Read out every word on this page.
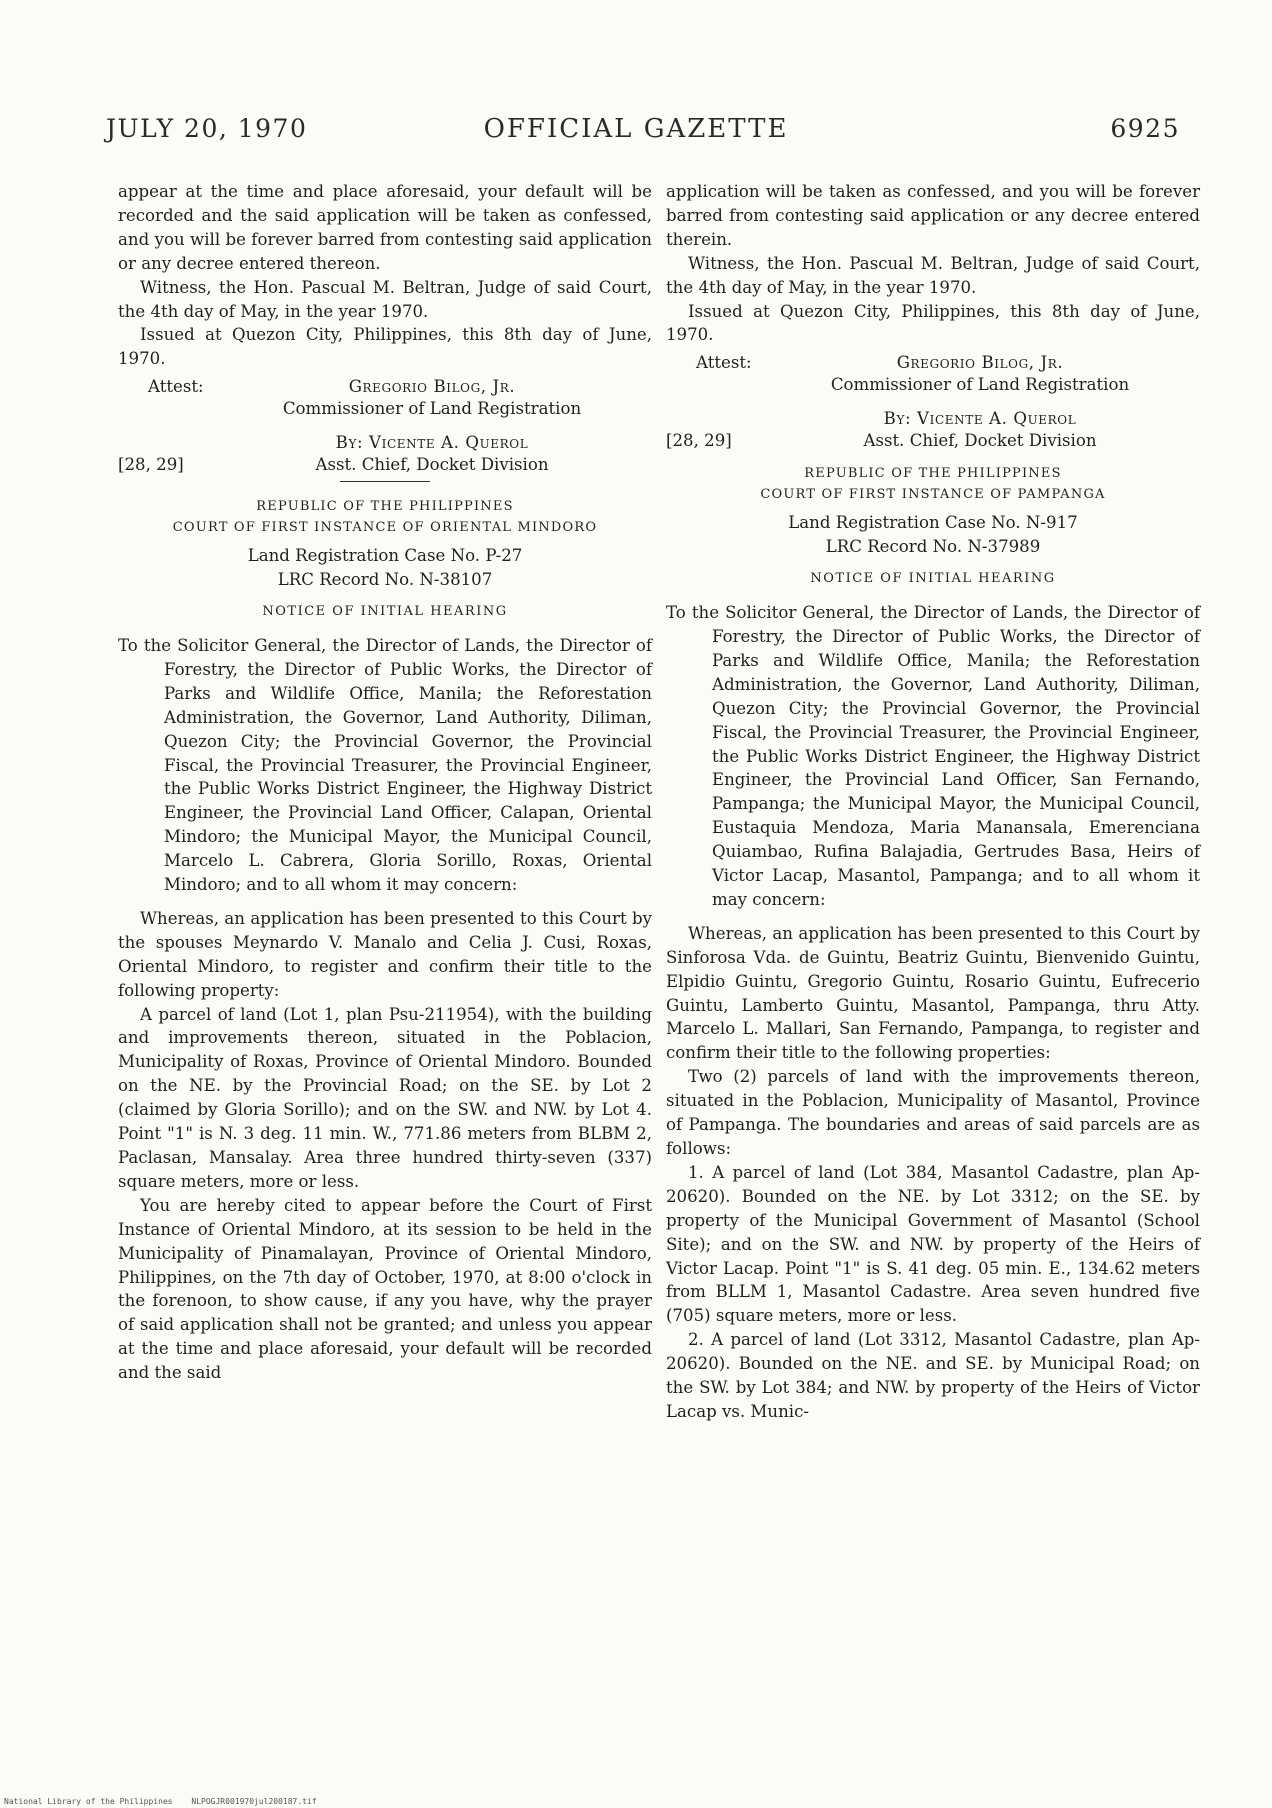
OFFICIAL GAZETTE
JULY 20, 1970	6925

appear at the time and place aforesaid, your default will be recorded and the said application will be taken as confessed, and you will be forever barred from contesting said application or any decree entered thereon.

Witness, the Hon. Pascual M. Beltran, Judge of said Court, the 4th day of May, in the year 1970.

Issued at Quezon City, Philippines, this 8th day of June, 1970.

Attest:	Gregorio Bilog, Jr.
Commissioner of Land Registration
By: Vicente A. Querol
Asst. Chief, Docket Division
[28, 29]

REPUBLIC OF THE PHILIPPINES

COURT OF FIRST INSTANCE OF ORIENTAL MINDORO

Land Registration Case No. P-27

LRC Record No. N-38107

NOTICE OF INITIAL HEARING

To the Solicitor General, the Director of Lands, the Director of Forestry, the Director of Public Works, the Director of Parks and Wildlife Office, Manila; the Reforestation Administration, the Governor, Land Authority, Diliman, Quezon City; the Provincial Governor, the Provincial Fiscal, the Provincial Treasurer, the Provincial Engineer, the Public Works District Engineer, the Highway District Engineer, the Provincial Land Officer, Calapan, Oriental Mindoro; the Municipal Mayor, the Municipal Council, Marcelo L. Cabrera, Gloria Sorillo, Roxas, Oriental Mindoro; and to all whom it may concern:

Whereas, an application has been presented to this Court by the spouses Meynardo V. Manalo and Celia J. Cusi, Roxas, Oriental Mindoro, to register and confirm their title to the following property:

A parcel of land (Lot 1, plan Psu-211954), with the building and improvements thereon, situated in the Poblacion, Municipality of Roxas, Province of Oriental Mindoro. Bounded on the NE. by the Provincial Road; on the SE. by Lot 2 (claimed by Gloria Sorillo); and on the SW. and NW. by Lot 4. Point "1" is N. 3 deg. 11 min. W., 771.86 meters from BLBM 2, Paclasan, Mansalay. Area three hundred thirty-seven (337) square meters, more or less.

You are hereby cited to appear before the Court of First Instance of Oriental Mindoro, at its session to be held in the Municipality of Pinamalayan, Province of Oriental Mindoro, Philippines, on the 7th day of October, 1970, at 8:00 o'clock in the forenoon, to show cause, if any you have, why the prayer of said application shall not be granted; and unless you appear at the time and place aforesaid, your default will be recorded and the said

application will be taken as confessed, and you will be forever barred from contesting said application or any decree entered therein.

Witness, the Hon. Pascual M. Beltran, Judge of said Court, the 4th day of May, in the year 1970.

Issued at Quezon City, Philippines, this 8th day of June, 1970.

Attest:	Gregorio Bilog, Jr.
Commissioner of Land Registration
By: Vicente A. Querol
Asst. Chief, Docket Division
[28, 29]

REPUBLIC OF THE PHILIPPINES

COURT OF FIRST INSTANCE OF PAMPANGA

Land Registration Case No. N-917

LRC Record No. N-37989

NOTICE OF INITIAL HEARING

To the Solicitor General, the Director of Lands, the Director of Forestry, the Director of Public Works, the Director of Parks and Wildlife Office, Manila; the Reforestation Administration, the Governor, Land Authority, Diliman, Quezon City; the Provincial Governor, the Provincial Fiscal, the Provincial Treasurer, the Provincial Engineer, the Public Works District Engineer, the Highway District Engineer, the Provincial Land Officer, San Fernando, Pampanga; the Municipal Mayor, the Municipal Council, Eustaquia Mendoza, Maria Manansala, Emerenciana Quiambao, Rufina Balajadia, Gertrudes Basa, Heirs of Victor Lacap, Masantol, Pampanga; and to all whom it may concern:

Whereas, an application has been presented to this Court by Sinforosa Vda. de Guintu, Beatriz Guintu, Bienvenido Guintu, Elpidio Guintu, Gregorio Guintu, Rosario Guintu, Eufrecerio Guintu, Lamberto Guintu, Masantol, Pampanga, thru Atty. Marcelo L. Mallari, San Fernando, Pampanga, to register and confirm their title to the following properties:

Two (2) parcels of land with the improvements thereon, situated in the Poblacion, Municipality of Masantol, Province of Pampanga. The boundaries and areas of said parcels are as follows:

1. A parcel of land (Lot 384, Masantol Cadastre, plan Ap-20620). Bounded on the NE. by Lot 3312; on the SE. by property of the Municipal Government of Masantol (School Site); and on the SW. and NW. by property of the Heirs of Victor Lacap. Point "1" is S. 41 deg. 05 min. E., 134.62 meters from BLLM 1, Masantol Cadastre. Area seven hundred five (705) square meters, more or less.

2. A parcel of land (Lot 3312, Masantol Cadastre, plan Ap-20620). Bounded on the NE. and SE. by Municipal Road; on the SW. by Lot 384; and NW. by property of the Heirs of Victor Lacap vs. Munic-

National Library of the Philippines NLPOGJR001970jul200187.tif
